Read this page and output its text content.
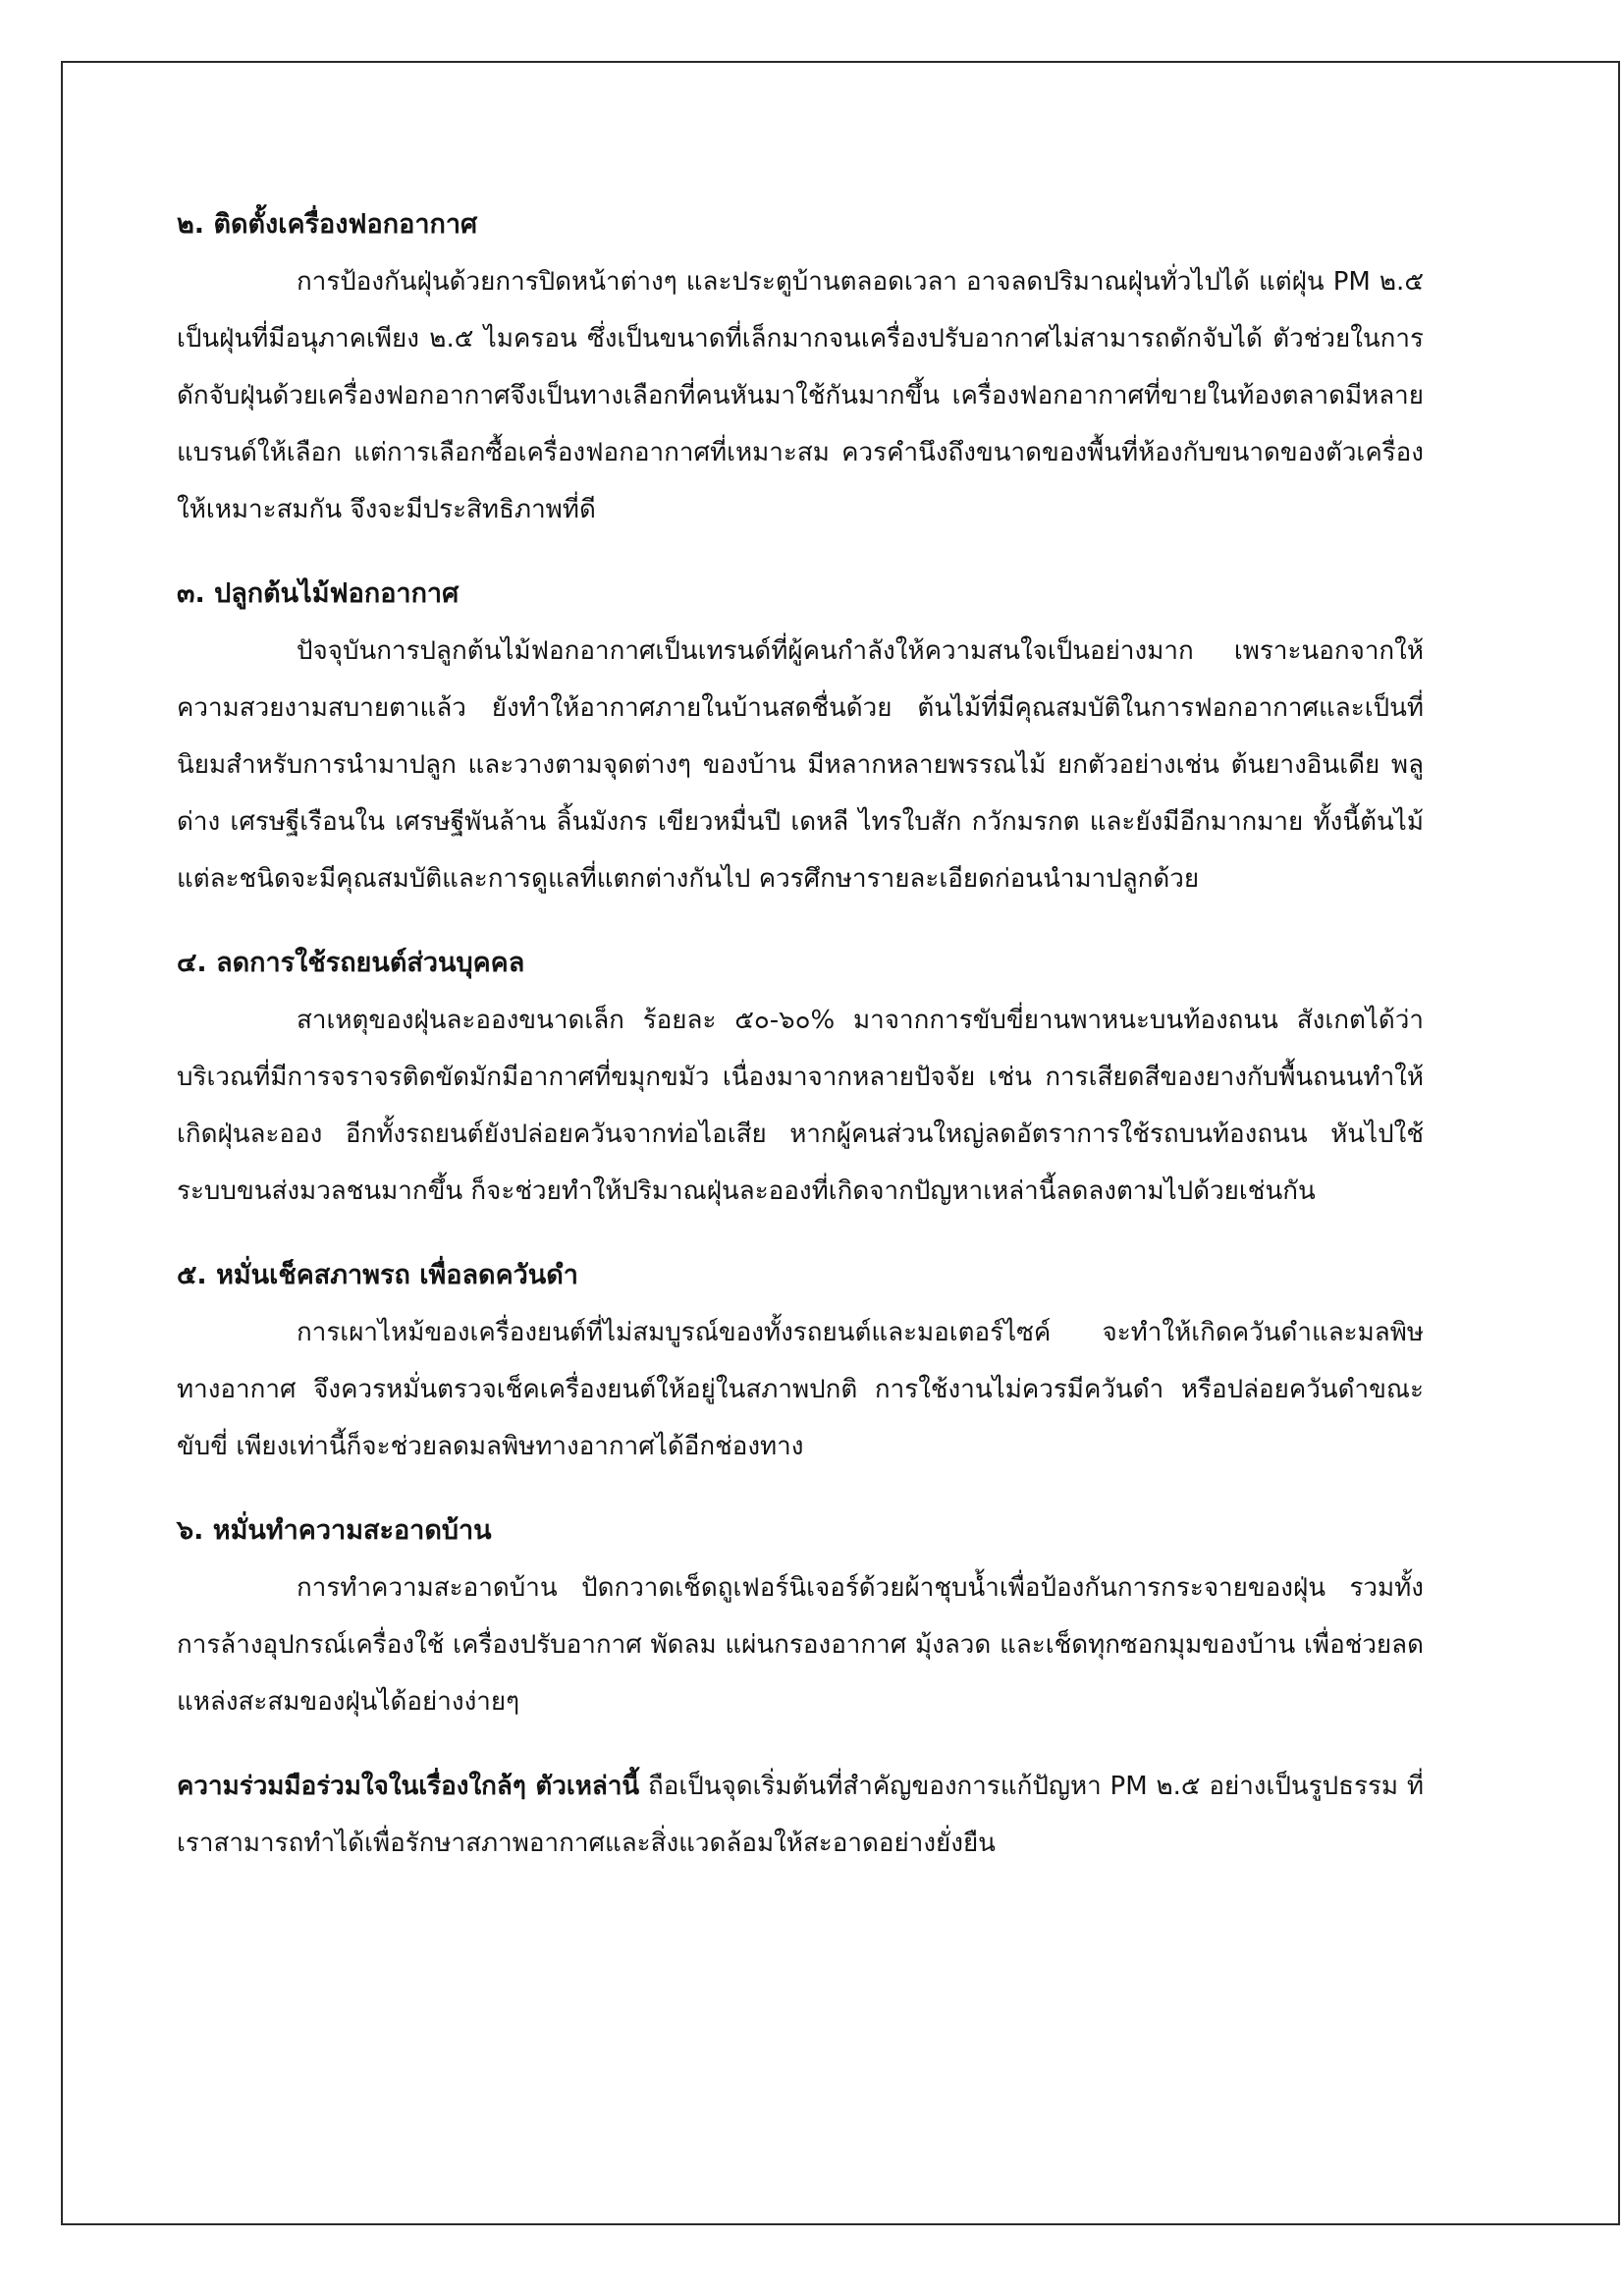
๒. ติดตั้งเครื่องฟอกอากาศ

การป้องกันฝุ่นด้วยการปิดหน้าต่างๆ และประตูบ้านตลอดเวลา อาจลดปริมาณฝุ่นทั่วไปได้ แต่ฝุ่น PM ๒.๕ เป็นฝุ่นที่มีอนุภาคเพียง ๒.๕ ไมครอน ซึ่งเป็นขนาดที่เล็กมากจนเครื่องปรับอากาศไม่สามารถดักจับได้ ตัวช่วยในการดักจับฝุ่นด้วยเครื่องฟอกอากาศจึงเป็นทางเลือกที่คนหันมาใช้กันมากขึ้น เครื่องฟอกอากาศที่ขายในท้องตลาดมีหลายแบรนด์ให้เลือก แต่การเลือกซื้อเครื่องฟอกอากาศที่เหมาะสม ควรคำนึงถึงขนาดของพื้นที่ห้องกับขนาดของตัวเครื่องให้เหมาะสมกัน จึงจะมีประสิทธิภาพที่ดี

๓. ปลูกต้นไม้ฟอกอากาศ

ปัจจุบันการปลูกต้นไม้ฟอกอากาศเป็นเทรนด์ที่ผู้คนกำลังให้ความสนใจเป็นอย่างมาก เพราะนอกจากให้ความสวยงามสบายตาแล้ว ยังทำให้อากาศภายในบ้านสดชื่นด้วย ต้นไม้ที่มีคุณสมบัติในการฟอกอากาศและเป็นที่นิยมสำหรับการนำมาปลูก และวางตามจุดต่างๆ ของบ้าน มีหลากหลายพรรณไม้ ยกตัวอย่างเช่น ต้นยางอินเดีย พลูด่าง เศรษฐีเรือนใน เศรษฐีพันล้าน ลิ้นมังกร เขียวหมื่นปี เดหลี ไทรใบสัก กวักมรกต และยังมีอีกมากมาย ทั้งนี้ต้นไม้แต่ละชนิดจะมีคุณสมบัติและการดูแลที่แตกต่างกันไป ควรศึกษารายละเอียดก่อนนำมาปลูกด้วย

๔. ลดการใช้รถยนต์ส่วนบุคคล

สาเหตุของฝุ่นละอองขนาดเล็ก ร้อยละ ๕๐-๖๐% มาจากการขับขี่ยานพาหนะบนท้องถนน สังเกตได้ว่าบริเวณที่มีการจราจรติดขัดมักมีอากาศที่ขมุกขมัว เนื่องมาจากหลายปัจจัย เช่น การเสียดสีของยางกับพื้นถนนทำให้เกิดฝุ่นละออง อีกทั้งรถยนต์ยังปล่อยควันจากท่อไอเสีย หากผู้คนส่วนใหญ่ลดอัตราการใช้รถบนท้องถนน หันไปใช้ระบบขนส่งมวลชนมากขึ้น ก็จะช่วยทำให้ปริมาณฝุ่นละอองที่เกิดจากปัญหาเหล่านี้ลดลงตามไปด้วยเช่นกัน

๕. หมั่นเช็คสภาพรถ เพื่อลดควันดำ

การเผาไหม้ของเครื่องยนต์ที่ไม่สมบูรณ์ของทั้งรถยนต์และมอเตอร์ไซค์ จะทำให้เกิดควันดำและมลพิษทางอากาศ จึงควรหมั่นตรวจเช็คเครื่องยนต์ให้อยู่ในสภาพปกติ การใช้งานไม่ควรมีควันดำ หรือปล่อยควันดำขณะขับขี่ เพียงเท่านี้ก็จะช่วยลดมลพิษทางอากาศได้อีกช่องทาง

๖. หมั่นทำความสะอาดบ้าน

การทำความสะอาดบ้าน ปัดกวาดเช็ดถูเฟอร์นิเจอร์ด้วยผ้าชุบน้ำเพื่อป้องกันการกระจายของฝุ่น รวมทั้งการล้างอุปกรณ์เครื่องใช้ เครื่องปรับอากาศ พัดลม แผ่นกรองอากาศ มุ้งลวด และเช็ดทุกซอกมุมของบ้าน เพื่อช่วยลดแหล่งสะสมของฝุ่นได้อย่างง่ายๆ

ความร่วมมือร่วมใจในเรื่องใกล้ๆ ตัวเหล่านี้ ถือเป็นจุดเริ่มต้นที่สำคัญของการแก้ปัญหา PM ๒.๕ อย่างเป็นรูปธรรม ที่เราสามารถทำได้เพื่อรักษาสภาพอากาศและสิ่งแวดล้อมให้สะอาดอย่างยั่งยืน
